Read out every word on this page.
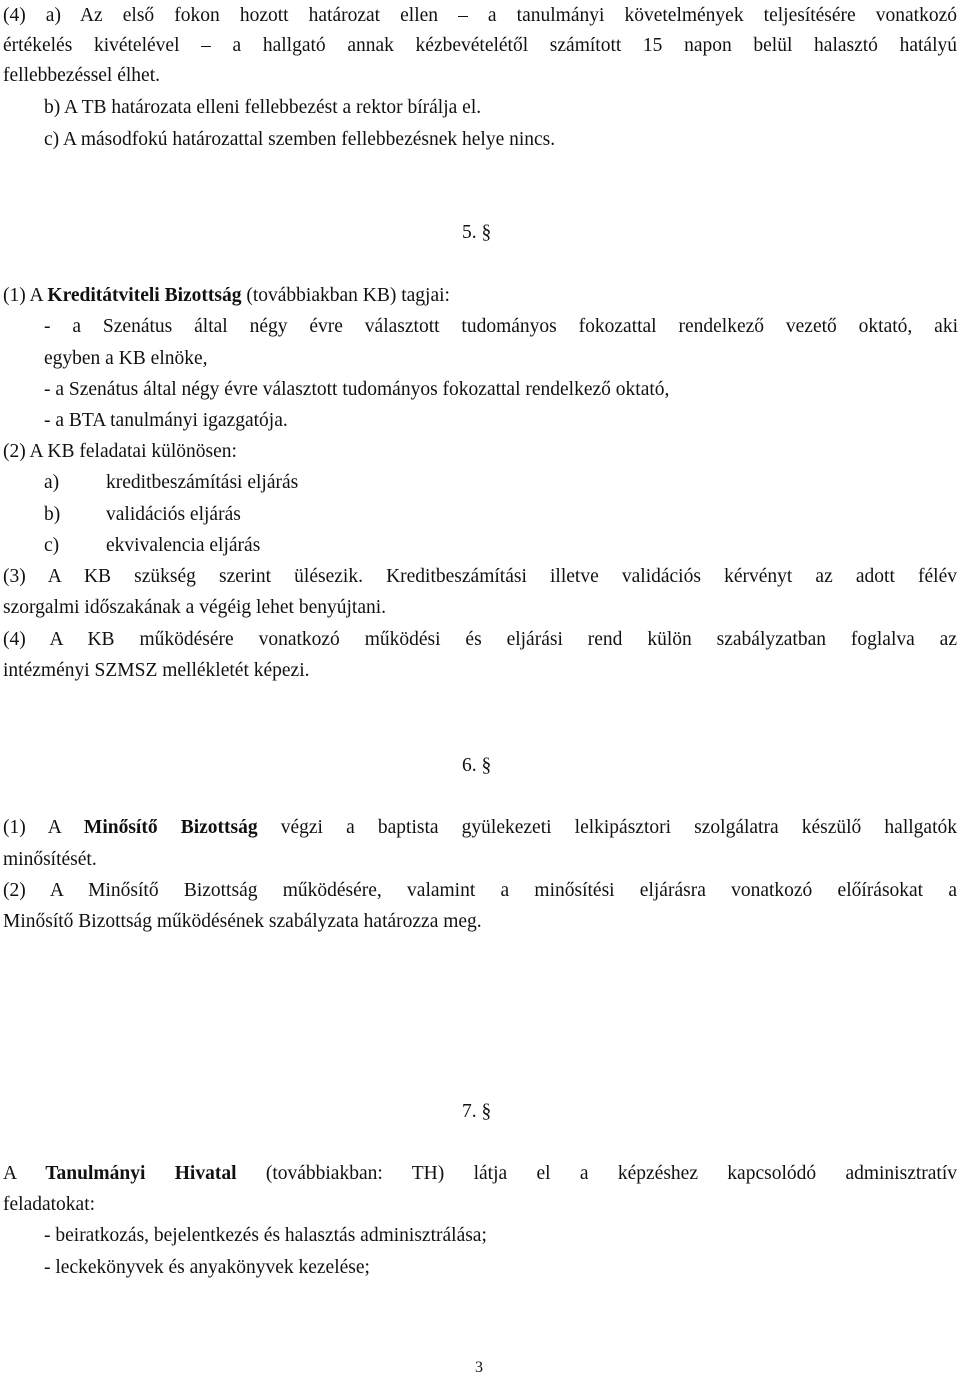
(4) a) Az első fokon hozott határozat ellen – a tanulmányi követelmények teljesítésére vonatkozó
értékelés kivételével – a hallgató annak kézbevételétől számított 15 napon belül halasztó hatályú
fellebbezéssel élhet.
b) A TB határozata elleni fellebbezést a rektor bírálja el.
c) A másodfokú határozattal szemben fellebbezésnek helye nincs.
5. §
(1) A Kreditátviteli Bizottság (továbbiakban KB) tagjai:
- a Szenátus által négy évre választott tudományos fokozattal rendelkező vezető oktató, aki
egyben a KB elnöke,
- a Szenátus által négy évre választott tudományos fokozattal rendelkező oktató,
- a BTA tanulmányi igazgatója.
(2) A KB feladatai különösen:
a) kreditbeszámítási eljárás
b) validációs eljárás
c) ekvivalencia eljárás
(3) A KB szükség szerint ülésezik. Kreditbeszámítási illetve validációs kérvényt az adott félév
szorgalmi időszakának a végéig lehet benyújtani.
(4) A KB működésére vonatkozó működési és eljárási rend külön szabályzatban foglalva az
intézményi SZMSZ mellékletét képezi.
6. §
(1) A Minősítő Bizottság végzi a baptista gyülekezeti lelkipásztori szolgálatra készülő hallgatók
minősítését.
(2) A Minősítő Bizottság működésére, valamint a minősítési eljárásra vonatkozó előírásokat a
Minősítő Bizottság működésének szabályzata határozza meg.
7. §
A Tanulmányi Hivatal (továbbiakban: TH) látja el a képzéshez kapcsolódó adminisztratív
feladatokat:
- beiratkozás, bejelentkezés és halasztás adminisztrálása;
- leckekönyvek és anyakönyvek kezelése;
3
